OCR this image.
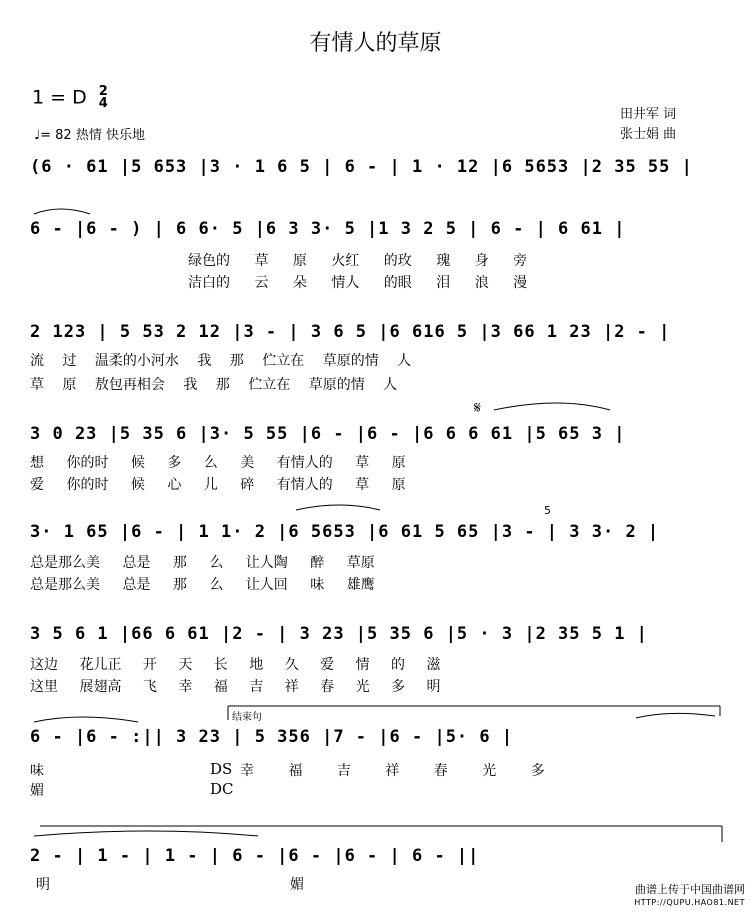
有情人的草原
1 = D 2
4
♩= 82 热情 快乐地
田井军 词
张士娟 曲
(6 · 61 |5 653 |3 · 1 6 5 | 6 - | 1 · 12 |6 5653 |2 35 55 |
6 - |6 - ) | 6 6· 5 |6 3 3· 5 |1 3 2 5 | 6 - | 6 61 |
绿色的 草 原 火红 的玫 瑰 身 旁
洁白的 云 朵 情人 的眼 泪 浪 漫
2 123 | 5 53 2 12 |3 - | 3 6 5 |6 616 5 |3 66 1 23 |2 - |
流 过 温柔的小河水 我 那 伫立在 草原的情 人
草 原 敖包再相会 我 那 伫立在 草原的情 人
3 0 23 |5 35 6 |3· 5 55 |6 - |6 - |6 6 6 61 |5 65 3 |
想 你的时 候 多 么 美 有情人的 草 原
爱 你的时 候 心 儿 碎 有情人的 草 原
𝄋
3· 1 65 |6 - | 1 1· 2 |6 5653 |6 61 5 65 |3 - | 3 3· 2 |
总是那么美 总是 那 么 让人陶 醉 草原
总是那么美 总是 那 么 让人回 味 雄鹰
3 5 6 1 |66 6 61 |2 - | 3 23 |5 35 6 |5 · 3 |2 35 5 1 |
这边 花儿正 开 天 长 地 久 爱 情 的 滋
这里 展翅高 飞 幸 福 吉 祥 春 光 多 明
结束句
5
6 - |6 - :|| 3 23 | 5 356 |7 - |6 - |5· 6 |
味
媚
DS
DC
幸 福 吉 祥 春 光 多
2 - | 1 - | 1 - | 6 - |6 - |6 - | 6 - ||
明	媚	曲谱上传于中国曲谱网
HTTP://QUPU.HAO81.NET
